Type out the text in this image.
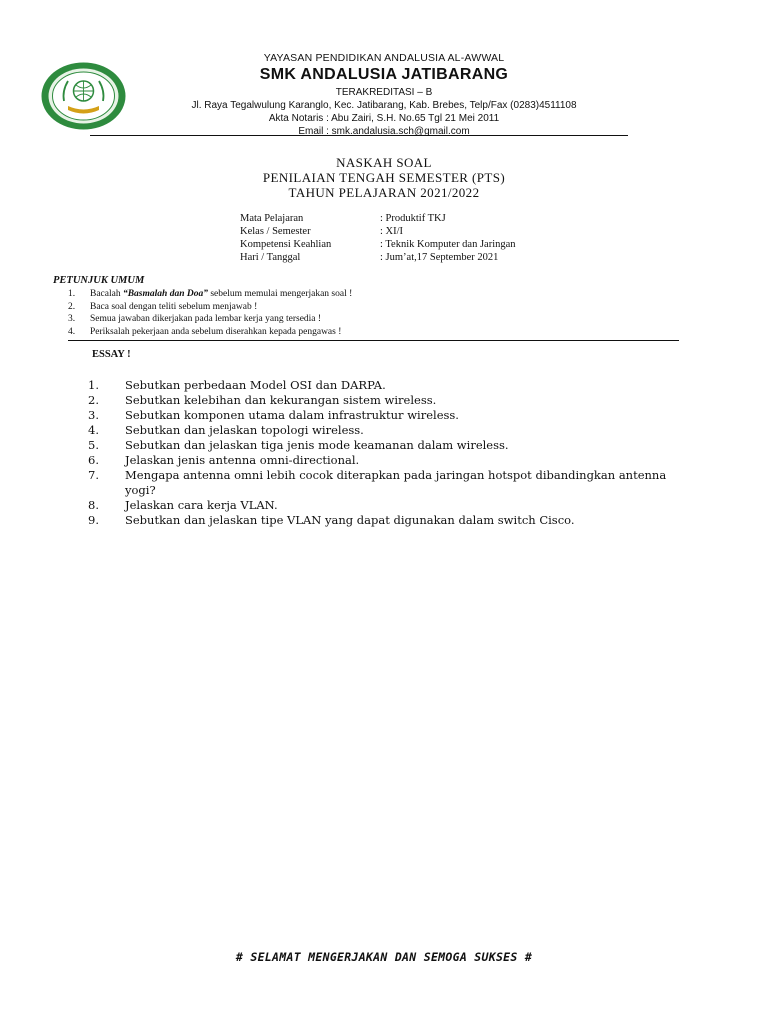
YAYASAN PENDIDIKAN ANDALUSIA AL-AWWAL
SMK ANDALUSIA JATIBARANG
TERAKREDITASI – B
Jl. Raya Tegalwulung Karanglo, Kec. Jatibarang, Kab. Brebes, Telp/Fax (0283)4511108
Akta Notaris : Abu Zairi, S.H. No.65 Tgl 21 Mei 2011
Email : smk.andalusia.sch@gmail.com
NASKAH SOAL
PENILAIAN TENGAH SEMESTER (PTS)
TAHUN PELAJARAN 2021/2022
Mata Pelajaran	: Produktif TKJ
Kelas / Semester	: XI/I
Kompetensi Keahlian	: Teknik Komputer dan Jaringan
Hari / Tanggal	: Jum’at,17 September 2021
PETUNJUK UMUM
1.	Bacalah “Basmalah dan Doa” sebelum memulai mengerjakan soal !
2.	Baca soal dengan teliti sebelum menjawab !
3.	Semua jawaban dikerjakan pada lembar kerja yang tersedia !
4.	Periksalah pekerjaan anda sebelum diserahkan kepada pengawas !
ESSAY !
1.	Sebutkan perbedaan Model OSI dan DARPA.
2.	Sebutkan kelebihan dan kekurangan sistem wireless.
3.	Sebutkan komponen utama dalam infrastruktur wireless.
4.	Sebutkan dan jelaskan topologi wireless.
5.	Sebutkan dan jelaskan tiga jenis mode keamanan dalam wireless.
6.	Jelaskan jenis antenna omni-directional.
7.	Mengapa antenna omni lebih cocok diterapkan pada jaringan hotspot dibandingkan antenna yogi?
8.	Jelaskan cara kerja VLAN.
9.	Sebutkan dan jelaskan tipe VLAN yang dapat digunakan dalam switch Cisco.
# SELAMAT MENGERJAKAN DAN SEMOGA SUKSES #
